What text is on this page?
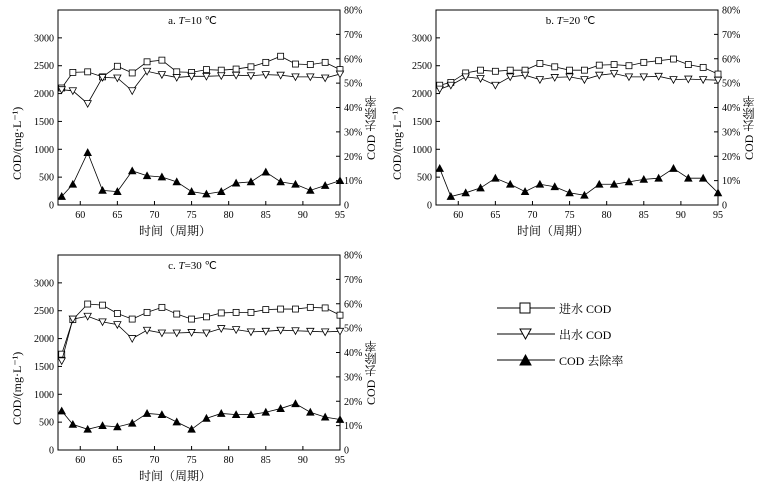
a. T=10 ℃
COD/(mg·L⁻¹)	COD 去除率
时间（周期）
0
500
1000
1500
2000
2500
3000
0
10%
20%
30%
40%
50%
60%
70%
80%
60	65	70	75	80	85	90	95
b. T=20 ℃
COD/(mg·L⁻¹)	COD 去除率
时间（周期）
0
500
1000
1500
2000
2500
3000
0
10%
20%
30%
40%
50%
60%
70%
80%
60	65	70	75	80	85	90	95
c. T=30 ℃
COD/(mg·L⁻¹)	COD 去除率
时间（周期）
0
500
1000
1500
2000
2500
3000
0
10%
20%
30%
40%
50%
60%
70%
80%
60	65	70	75	80	85	90	95
进水 COD
出水 COD
COD 去除率
